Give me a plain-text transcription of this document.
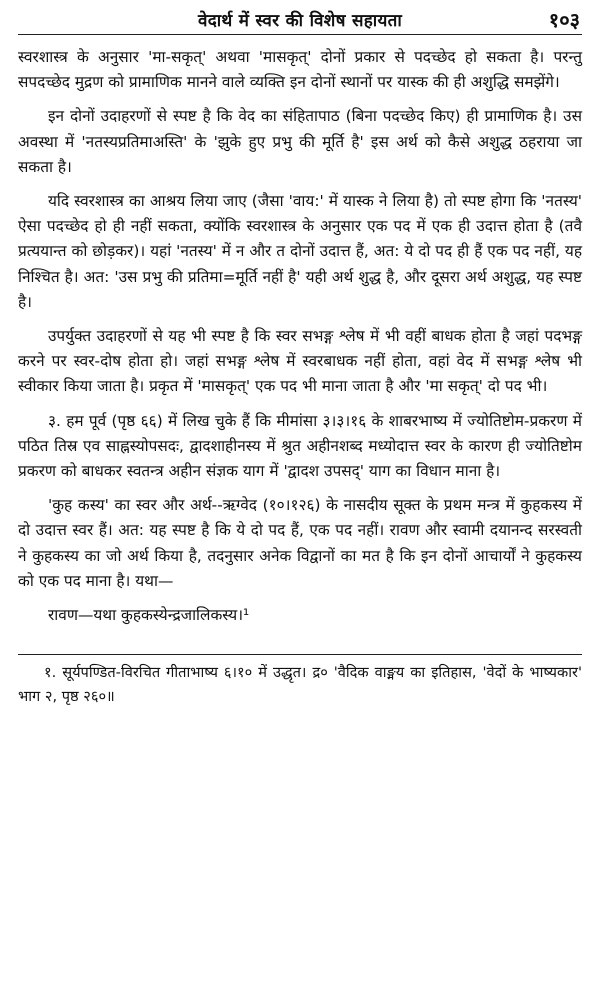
वेदार्थ में स्वर की विशेष सहायता	१०३

स्वरशास्त्र के अनुसार 'मा-सकृत्' अथवा 'मासकृत्' दोनों प्रकार से पदच्छेद हो सकता है। परन्तु सपदच्छेद मुद्रण को प्रामाणिक मानने वाले व्यक्ति इन दोनों स्थानों पर यास्क की ही अशुद्धि समझेंगे।

इन दोनों उदाहरणों से स्पष्ट है कि वेद का संहितापाठ (बिना पदच्छेद किए) ही प्रामाणिक है। उस अवस्था में 'नतस्यप्रतिमाअस्ति' के 'झुके हुए प्रभु की मूर्ति है' इस अर्थ को कैसे अशुद्ध ठहराया जा सकता है।

यदि स्वरशास्त्र का आश्रय लिया जाए (जैसा 'वाय:' में यास्क ने लिया है) तो स्पष्ट होगा कि 'नतस्य' ऐसा पदच्छेद हो ही नहीं सकता, क्योंकि स्वरशास्त्र के अनुसार एक पद में एक ही उदात्त होता है (तवै प्रत्ययान्त को छोड़कर)। यहां 'नतस्य' में न और त दोनों उदात्त हैं, अत: ये दो पद ही हैं एक पद नहीं, यह निश्चित है। अत: 'उस प्रभु की प्रतिमा=मूर्ति नहीं है' यही अर्थ शुद्ध है, और दूसरा अर्थ अशुद्ध, यह स्पष्ट है।

उपर्युक्त उदाहरणों से यह भी स्पष्ट है कि स्वर सभङ्ग श्लेष में भी वहीं बाधक होता है जहां पदभङ्ग करने पर स्वर-दोष होता हो। जहां सभङ्ग श्लेष में स्वरबाधक नहीं होता, वहां वेद में सभङ्ग श्लेष भी स्वीकार किया जाता है। प्रकृत में 'मासकृत्' एक पद भी माना जाता है और 'मा सकृत्' दो पद भी।

३. हम पूर्व (पृष्ठ ६६) में लिख चुके हैं कि मीमांसा ३।३।१६ के शाबरभाष्य में ज्योतिष्टोम-प्रकरण में पठित तिस्र एव साह्नस्योपसदः, द्वादशाहीनस्य में श्रुत अहीनशब्द मध्योदात्त स्वर के कारण ही ज्योतिष्टोम प्रकरण को बाधकर स्वतन्त्र अहीन संज्ञक याग में 'द्वादश उपसद्' याग का विधान माना है।

'कुह कस्य' का स्वर और अर्थ--ऋग्वेद (१०।१२६) के नासदीय सूक्त के प्रथम मन्त्र में कुहकस्य में दो उदात्त स्वर हैं। अत: यह स्पष्ट है कि ये दो पद हैं, एक पद नहीं। रावण और स्वामी दयानन्द सरस्वती ने कुहकस्य का जो अर्थ किया है, तदनुसार अनेक विद्वानों का मत है कि इन दोनों आचार्यों ने कुहकस्य को एक पद माना है। यथा—

रावण—यथा कुहकस्येन्द्रजालिकस्य।¹

१. सूर्यपण्डित-विरचित गीताभाष्य ६।१० में उद्धृत। द्र० 'वैदिक वाङ्मय का इतिहास, 'वेदों के भाष्यकार' भाग २, पृष्ठ २६०॥
